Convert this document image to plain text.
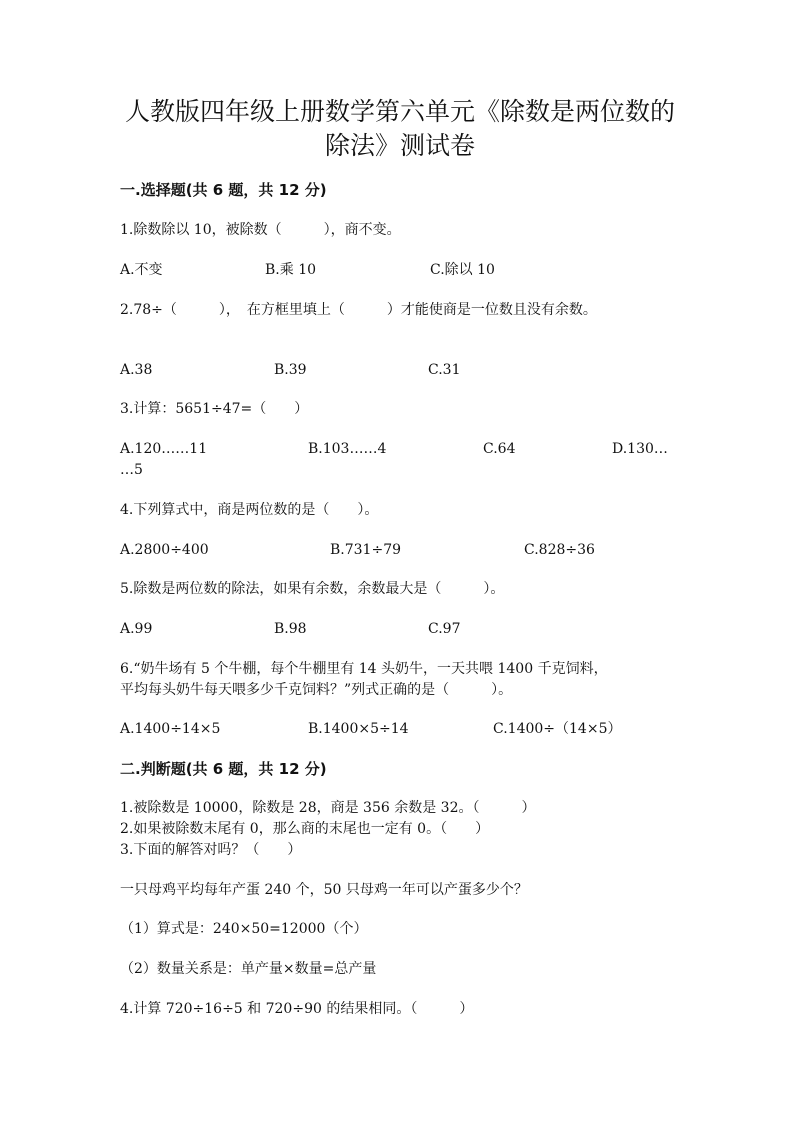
人教版四年级上册数学第六单元《除数是两位数的
除法》测试卷
一.选择题(共 6 题，共 12 分)
1.除数除以 10，被除数（　　　），商不变。
A.不变	B.乘 10	C.除以 10
2.78÷（　　　），　在方框里填上（　　　）才能使商是一位数且没有余数。
A.38	B.39	C.31
3.计算：5651÷47=（　　）
A.120……11	B.103……4	C.64	D.130…
…5
4.下列算式中，商是两位数的是（　　）。
A.2800÷400	B.731÷79	C.828÷36
5.除数是两位数的除法，如果有余数，余数最大是（　　　）。
A.99	B.98	C.97
6.“奶牛场有 5 个牛棚，每个牛棚里有 14 头奶牛，一天共喂 1400 千克饲料，
平均每头奶牛每天喂多少千克饲料？”列式正确的是（　　　）。
A.1400÷14×5	B.1400×5÷14	C.1400÷（14×5）
二.判断题(共 6 题，共 12 分)
1.被除数是 10000，除数是 28，商是 356 余数是 32。（　　　）
2.如果被除数末尾有 0，那么商的末尾也一定有 0。（　　）
3.下面的解答对吗？（　　）
一只母鸡平均每年产蛋 240 个，50 只母鸡一年可以产蛋多少个？
（1）算式是：240×50=12000（个）
（2）数量关系是：单产量×数量=总产量
4.计算 720÷16÷5 和 720÷90 的结果相同。（　　　）
